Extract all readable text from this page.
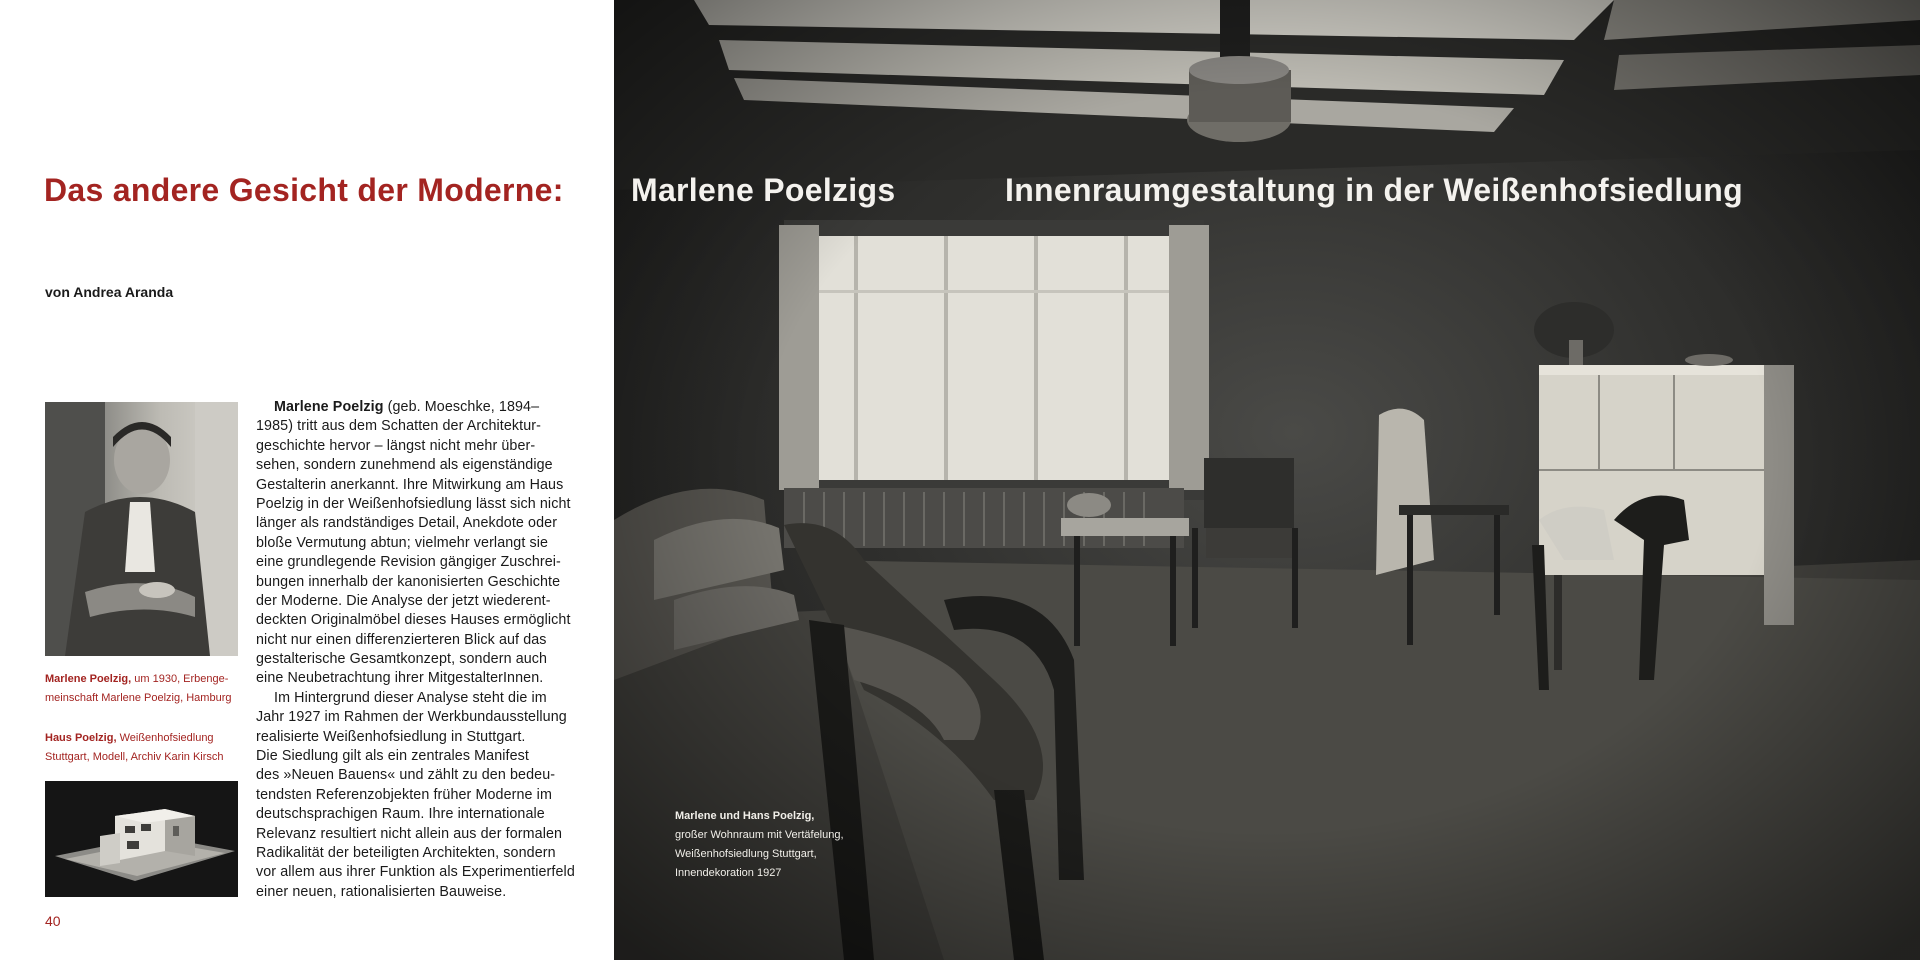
Das andere Gesicht der Moderne: Marlene Poelzigs	Innenraumgestaltung in der Weißenhofsiedlung
von Andrea Aranda
Marlene Poelzig, um 1930, Erbenge-
meinschaft Marlene Poelzig, Hamburg
Haus Poelzig, Weißenhofsiedlung
Stuttgart, Modell, Archiv Karin Kirsch
40
Marlene Poelzig (geb. Moeschke, 1894–
1985) tritt aus dem Schatten der Architektur-
geschichte hervor – längst nicht mehr über-
sehen, sondern zunehmend als eigenständige
Gestalterin anerkannt. Ihre Mitwirkung am Haus
Poelzig in der Weißenhofsiedlung lässt sich nicht
länger als randständiges Detail, Anekdote oder
bloße Vermutung abtun; vielmehr verlangt sie
eine grundlegende Revision gängiger Zuschrei-
bungen innerhalb der kanonisierten Geschichte
der Moderne. Die Analyse der jetzt wiederent-
deckten Originalmöbel dieses Hauses ermöglicht
nicht nur einen differenzierteren Blick auf das
gestalterische Gesamtkonzept, sondern auch
eine Neubetrachtung ihrer MitgestalterInnen.
Im Hintergrund dieser Analyse steht die im
Jahr 1927 im Rahmen der Werkbundausstellung
realisierte Weißenhofsiedlung in Stuttgart.
Die Siedlung gilt als ein zentrales Manifest
des »Neuen Bauens« und zählt zu den bedeu-
tendsten Referenzobjekten früher Moderne im
deutschsprachigen Raum. Ihre internationale
Relevanz resultiert nicht allein aus der formalen
Radikalität der beteiligten Architekten, sondern
vor allem aus ihrer Funktion als Experimentierfeld
einer neuen, rationalisierten Bauweise.
Marlene und Hans Poelzig,
großer Wohnraum mit Vertäfelung,
Weißenhofsiedlung Stuttgart,
Innendekoration 1927
